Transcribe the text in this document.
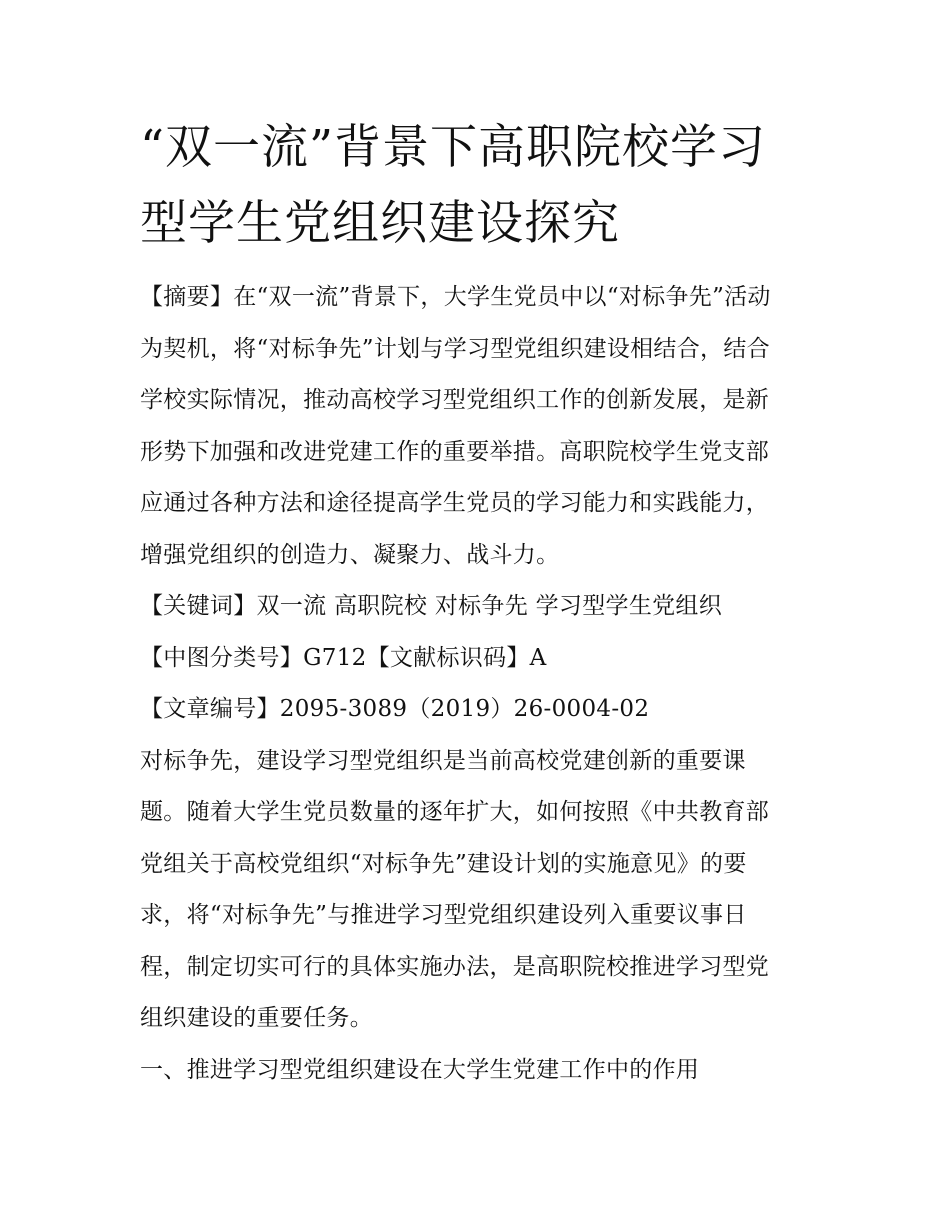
“双一流”背景下高职院校学习
型学生党组织建设探究

【摘要】在“双一流”背景下，大学生党员中以“对标争先”活动
为契机，将“对标争先”计划与学习型党组织建设相结合，结合
学校实际情况，推动高校学习型党组织工作的创新发展，是新
形势下加强和改进党建工作的重要举措。高职院校学生党支部
应通过各种方法和途径提高学生党员的学习能力和实践能力，
增强党组织的创造力、凝聚力、战斗力。

【关键词】双一流 高职院校 对标争先 学习型学生党组织

【中图分类号】G712【文献标识码】A

【文章编号】2095-3089（2019）26-0004-02

对标争先，建设学习型党组织是当前高校党建创新的重要课
题。随着大学生党员数量的逐年扩大，如何按照《中共教育部
党组关于高校党组织“对标争先”建设计划的实施意见》的要
求，将“对标争先”与推进学习型党组织建设列入重要议事日
程，制定切实可行的具体实施办法，是高职院校推进学习型党
组织建设的重要任务。

一、推进学习型党组织建设在大学生党建工作中的作用
